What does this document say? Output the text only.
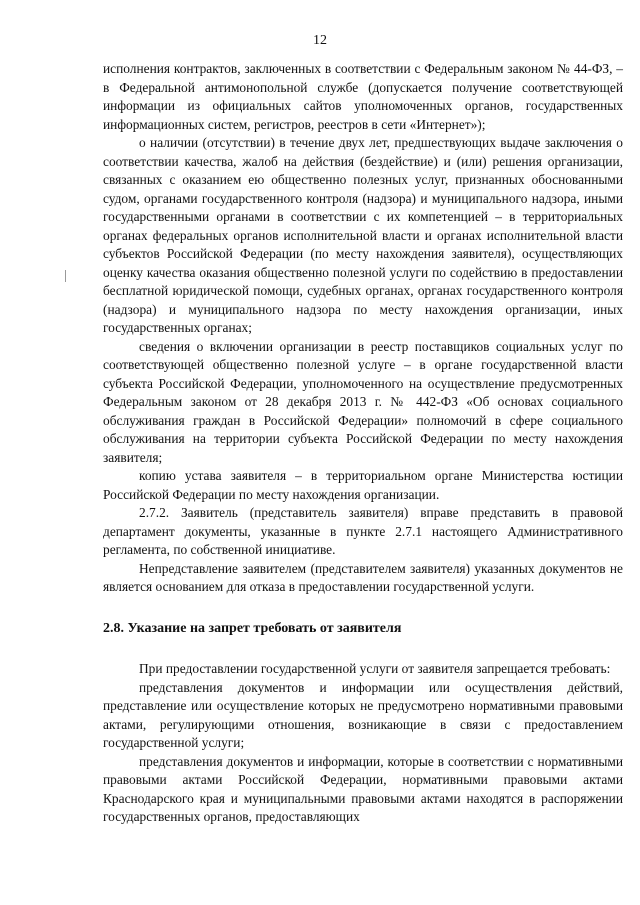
12

исполнения контрактов, заключенных в соответствии с Федеральным законом № 44-ФЗ, – в Федеральной антимонопольной службе (допускается получение соответствующей информации из официальных сайтов уполномоченных органов, государственных информационных систем, регистров, реестров в сети «Интернет»);

о наличии (отсутствии) в течение двух лет, предшествующих выдаче заключения о соответствии качества, жалоб на действия (бездействие) и (или) решения организации, связанных с оказанием ею общественно полезных услуг, признанных обоснованными судом, органами государственного контроля (надзора) и муниципального надзора, иными государственными органами в соответствии с их компетенцией – в территориальных органах федеральных органов исполнительной власти и органах исполнительной власти субъектов Российской Федерации (по месту нахождения заявителя), осуществляющих оценку качества оказания общественно полезной услуги по содействию в предоставлении бесплатной юридической помощи, судебных органах, органах государственного контроля (надзора) и муниципального надзора по месту нахождения организации, иных государственных органах;

сведения о включении организации в реестр поставщиков социальных услуг по соответствующей общественно полезной услуге – в органе государственной власти субъекта Российской Федерации, уполномоченного на осуществление предусмотренных Федеральным законом от 28 декабря 2013 г. № 442-ФЗ «Об основах социального обслуживания граждан в Российской Федерации» полномочий в сфере социального обслуживания на территории субъекта Российской Федерации по месту нахождения заявителя;

копию устава заявителя – в территориальном органе Министерства юстиции Российской Федерации по месту нахождения организации.

2.7.2. Заявитель (представитель заявителя) вправе представить в правовой департамент документы, указанные в пункте 2.7.1 настоящего Административного регламента, по собственной инициативе.

Непредставление заявителем (представителем заявителя) указанных документов не является основанием для отказа в предоставлении государственной услуги.

2.8. Указание на запрет требовать от заявителя

При предоставлении государственной услуги от заявителя запрещается требовать:

представления документов и информации или осуществления действий, представление или осуществление которых не предусмотрено нормативными правовыми актами, регулирующими отношения, возникающие в связи с предоставлением государственной услуги;

представления документов и информации, которые в соответствии с нормативными правовыми актами Российской Федерации, нормативными правовыми актами Краснодарского края и муниципальными правовыми актами находятся в распоряжении государственных органов, предоставляющих
